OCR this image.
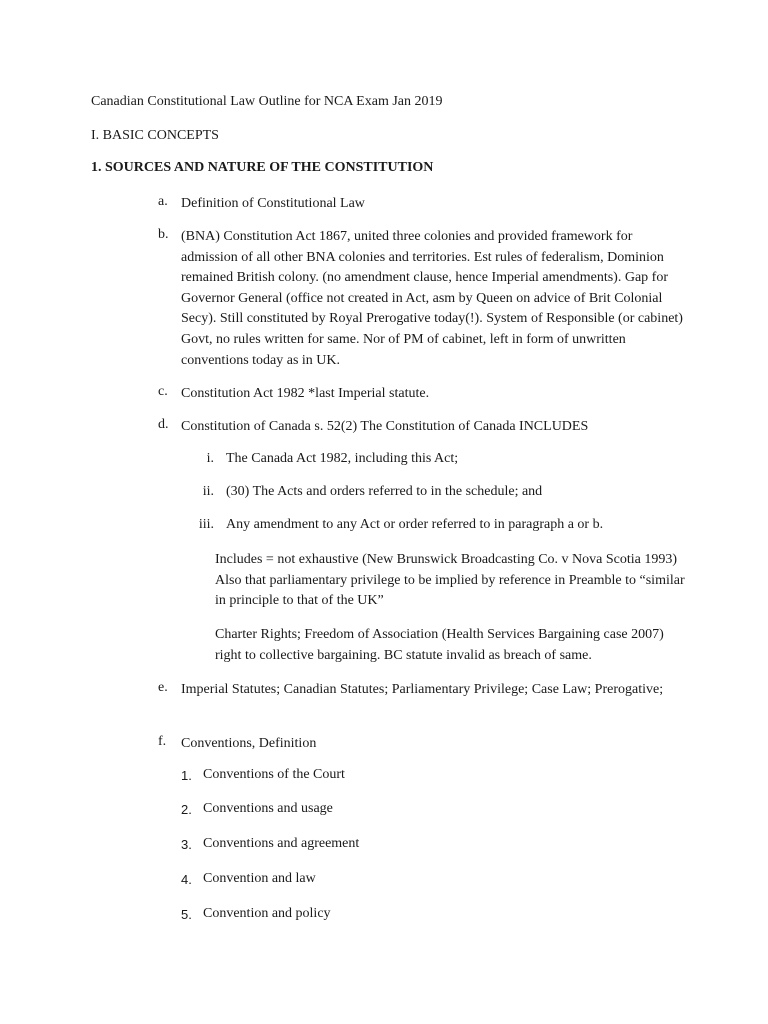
Canadian Constitutional Law Outline for NCA Exam Jan 2019
I. BASIC CONCEPTS
1. SOURCES AND NATURE OF THE CONSTITUTION
a. Definition of Constitutional Law
b. (BNA) Constitution Act 1867, united three colonies and provided framework for admission of all other BNA colonies and territories. Est rules of federalism, Dominion remained British colony. (no amendment clause, hence Imperial amendments). Gap for Governor General (office not created in Act, asm by Queen on advice of Brit Colonial Secy). Still constituted by Royal Prerogative today(!). System of Responsible (or cabinet) Govt, no rules written for same. Nor of PM of cabinet, left in form of unwritten conventions today as in UK.
c. Constitution Act 1982 *last Imperial statute.
d. Constitution of Canada s. 52(2) The Constitution of Canada INCLUDES
i. The Canada Act 1982, including this Act;
ii. (30) The Acts and orders referred to in the schedule; and
iii. Any amendment to any Act or order referred to in paragraph a or b.
Includes = not exhaustive (New Brunswick Broadcasting Co. v Nova Scotia 1993) Also that parliamentary privilege to be implied by reference in Preamble to “similar in principle to that of the UK”
Charter Rights; Freedom of Association (Health Services Bargaining case 2007) right to collective bargaining. BC statute invalid as breach of same.
e. Imperial Statutes; Canadian Statutes; Parliamentary Privilege; Case Law; Prerogative;
f.	Conventions, Definition
1. Conventions of the Court
2. Conventions and usage
3. Conventions and agreement
4. Convention and law
5. Convention and policy
